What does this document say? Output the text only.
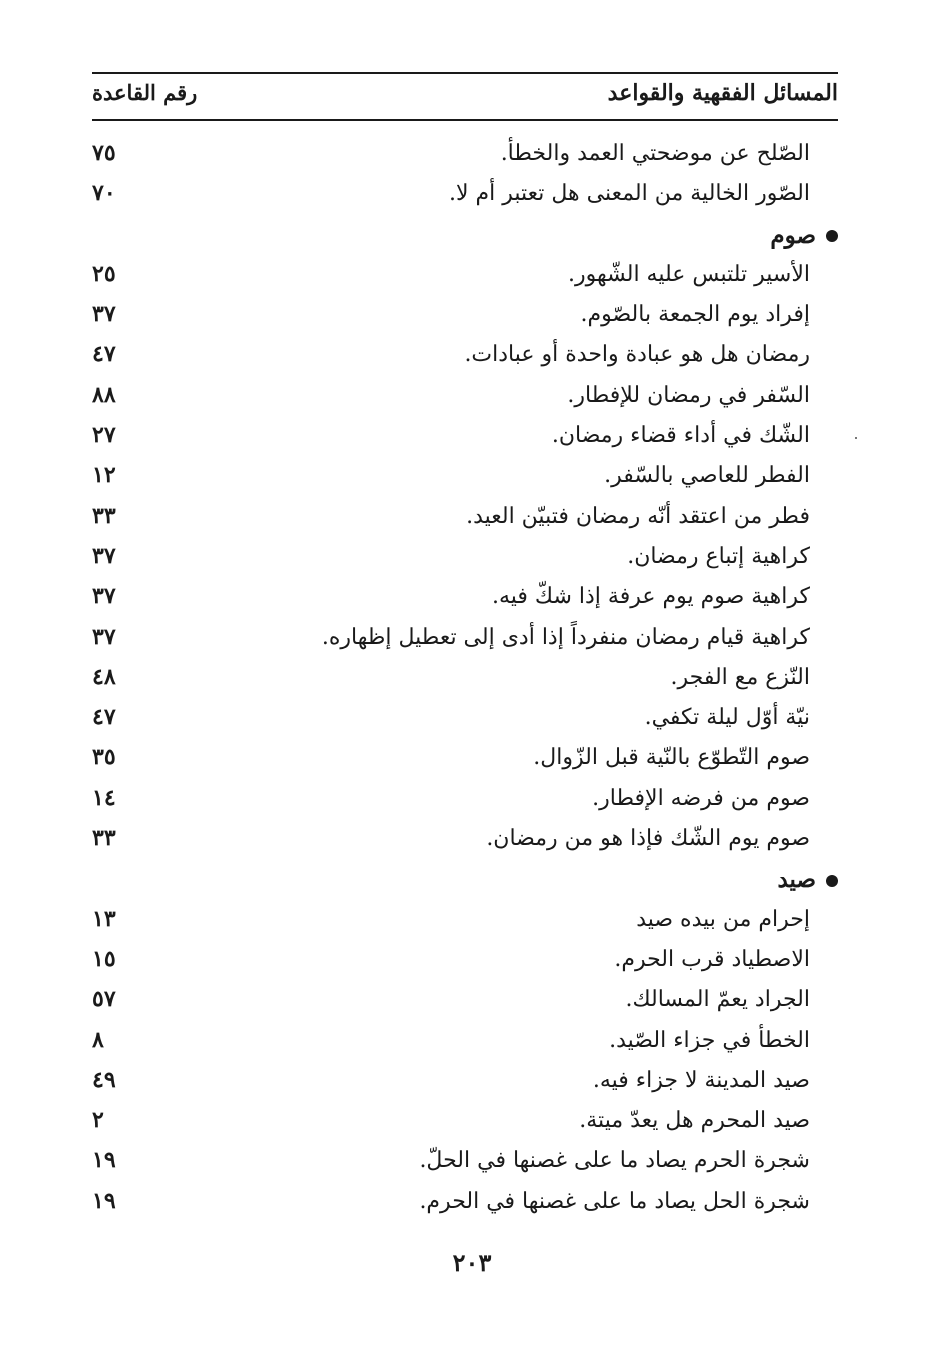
المسائل الفقهية والقواعد
رقم القاعدة
الصّلح عن موضحتي العمد والخطأ.
٧٥
الصّور الخالية من المعنى هل تعتبر أم لا.
٧٠
صوم
الأسير تلتبس عليه الشّهور.
٢٥
إفراد يوم الجمعة بالصّوم.
٣٧
رمضان هل هو عبادة واحدة أو عبادات.
٤٧
السّفر في رمضان للإفطار.
٨٨
الشّك في أداء قضاء رمضان.
٢٧
الفطر للعاصي بالسّفر.
١٢
فطر من اعتقد أنّه رمضان فتبيّن العيد.
٣٣
كراهية إتباع رمضان.
٣٧
كراهية صوم يوم عرفة إذا شكّ فيه.
٣٧
كراهية قيام رمضان منفرداً إذا أدى إلى تعطيل إظهاره.
٣٧
النّزع مع الفجر.
٤٨
نيّة أوّل ليلة تكفي.
٤٧
صوم التّطوّع بالنّية قبل الزّوال.
٣٥
صوم من فرضه الإفطار.
١٤
صوم يوم الشّك فإذا هو من رمضان.
٣٣
صيد
إحرام من بيده صيد
١٣
الاصطياد قرب الحرم.
١٥
الجراد يعمّ المسالك.
٥٧
الخطأ في جزاء الصّيد.
٨
صيد المدينة لا جزاء فيه.
٤٩
صيد المحرم هل يعدّ ميتة.
٢
شجرة الحرم يصاد ما على غصنها في الحلّ.
١٩
شجرة الحل يصاد ما على غصنها في الحرم.
١٩
٢٠٣
